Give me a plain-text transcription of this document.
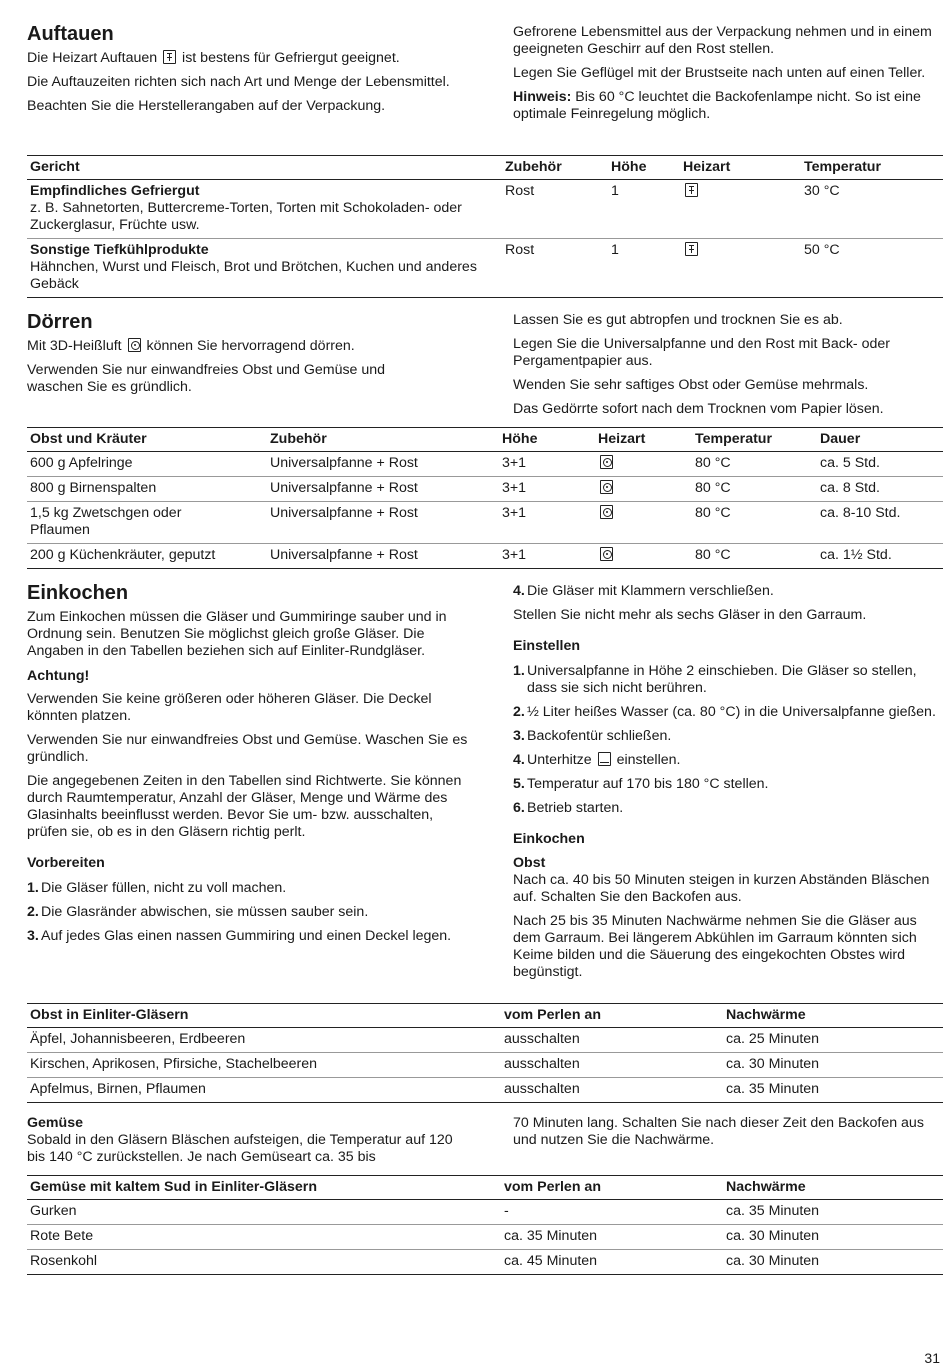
Auftauen

Die Heizart Auftauen ist bestens für Gefriergut geeignet.

Die Auftauzeiten richten sich nach Art und Menge der Lebensmittel.

Beachten Sie die Herstellerangaben auf der Verpackung.

Gefrorene Lebensmittel aus der Verpackung nehmen und in einem geeigneten Geschirr auf den Rost stellen.

Legen Sie Geflügel mit der Brustseite nach unten auf einen Teller.

Hinweis: Bis 60 °C leuchtet die Backofenlampe nicht. So ist eine optimale Feinregelung möglich.

Gericht	Zubehör	Höhe	Heizart	Temperatur
Empfindliches Gefriergut
z. B. Sahnetorten, Buttercreme-Torten, Torten mit Schokoladen- oder Zuckerglasur, Früchte usw.	Rost	1		30 °C
Sonstige Tiefkühlprodukte
Hähnchen, Wurst und Fleisch, Brot und Brötchen, Kuchen und anderes Gebäck	Rost	1		50 °C
Dörren

Mit 3D-Heißluft können Sie hervorragend dörren.

Verwenden Sie nur einwandfreies Obst und Gemüse und waschen Sie es gründlich.

Lassen Sie es gut abtropfen und trocknen Sie es ab.

Legen Sie die Universalpfanne und den Rost mit Back- oder Pergamentpapier aus.

Wenden Sie sehr saftiges Obst oder Gemüse mehrmals.

Das Gedörrte sofort nach dem Trocknen vom Papier lösen.

Obst und Kräuter	Zubehör	Höhe	Heizart	Temperatur	Dauer
600 g Apfelringe	Universalpfanne + Rost	3+1		80 °C	ca. 5 Std.
800 g Birnenspalten	Universalpfanne + Rost	3+1		80 °C	ca. 8 Std.
1,5 kg Zwetschgen oder Pflaumen	Universalpfanne + Rost	3+1		80 °C	ca. 8-10 Std.
200 g Küchenkräuter, geputzt	Universalpfanne + Rost	3+1		80 °C	ca. 1½ Std.
Einkochen

Zum Einkochen müssen die Gläser und Gummiringe sauber und in Ordnung sein. Benutzen Sie möglichst gleich große Gläser. Die Angaben in den Tabellen beziehen sich auf Einliter-Rundgläser.

Achtung!

Verwenden Sie keine größeren oder höheren Gläser. Die Deckel könnten platzen.

Verwenden Sie nur einwandfreies Obst und Gemüse. Waschen Sie es gründlich.

Die angegebenen Zeiten in den Tabellen sind Richtwerte. Sie können durch Raumtemperatur, Anzahl der Gläser, Menge und Wärme des Glasinhalts beeinflusst werden. Bevor Sie um- bzw. ausschalten, prüfen sie, ob es in den Gläsern richtig perlt.

Vorbereiten
1. Die Gläser füllen, nicht zu voll machen.
2. Die Glasränder abwischen, sie müssen sauber sein.
3. Auf jedes Glas einen nassen Gummiring und einen Deckel legen.
4. Die Gläser mit Klammern verschließen.

Stellen Sie nicht mehr als sechs Gläser in den Garraum.

Einstellen
1. Universalpfanne in Höhe 2 einschieben. Die Gläser so stellen, dass sie sich nicht berühren.
2. ½ Liter heißes Wasser (ca. 80 °C) in die Universalpfanne gießen.
3. Backofentür schließen.
4. Unterhitze einstellen.
5. Temperatur auf 170 bis 180 °C stellen.
6. Betrieb starten.
Einkochen
Obst

Nach ca. 40 bis 50 Minuten steigen in kurzen Abständen Bläschen auf. Schalten Sie den Backofen aus.

Nach 25 bis 35 Minuten Nachwärme nehmen Sie die Gläser aus dem Garraum. Bei längerem Abkühlen im Garraum könnten sich Keime bilden und die Säuerung des eingekochten Obstes wird begünstigt.

Obst in Einliter-Gläsern	vom Perlen an	Nachwärme
Äpfel, Johannisbeeren, Erdbeeren	ausschalten	ca. 25 Minuten
Kirschen, Aprikosen, Pfirsiche, Stachelbeeren	ausschalten	ca. 30 Minuten
Apfelmus, Birnen, Pflaumen	ausschalten	ca. 35 Minuten
Gemüse

Sobald in den Gläsern Bläschen aufsteigen, die Temperatur auf 120 bis 140 °C zurückstellen. Je nach Gemüseart ca. 35 bis

70 Minuten lang. Schalten Sie nach dieser Zeit den Backofen aus und nutzen Sie die Nachwärme.

Gemüse mit kaltem Sud in Einliter-Gläsern	vom Perlen an	Nachwärme
Gurken	-	ca. 35 Minuten
Rote Bete	ca. 35 Minuten	ca. 30 Minuten
Rosenkohl	ca. 45 Minuten	ca. 30 Minuten
31
